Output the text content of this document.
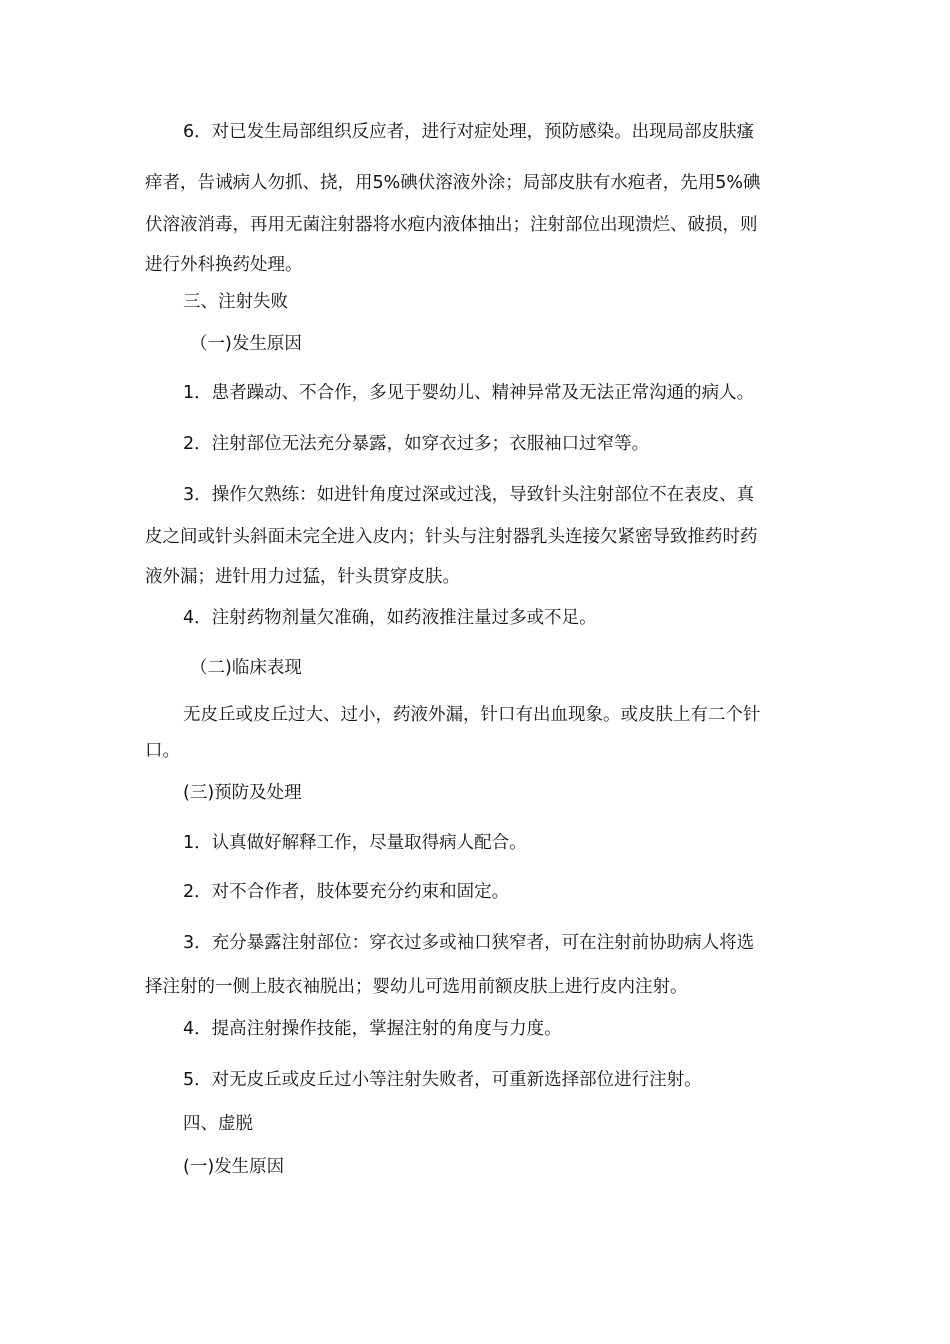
6．对已发生局部组织反应者，进行对症处理，预防感染。出现局部皮肤瘙

痒者，告诫病人勿抓、挠，用5%碘伏溶液外涂；局部皮肤有水疱者，先用5%碘

伏溶液消毒，再用无菌注射器将水疱内液体抽出；注射部位出现溃烂、破损，则

进行外科换药处理。

三、注射失败

（一)发生原因

1．患者躁动、不合作，多见于婴幼儿、精神异常及无法正常沟通的病人。

2．注射部位无法充分暴露，如穿衣过多；衣服袖口过窄等。

3．操作欠熟练：如进针角度过深或过浅，导致针头注射部位不在表皮、真

皮之间或针头斜面未完全进入皮内；针头与注射器乳头连接欠紧密导致推药时药

液外漏；进针用力过猛，针头贯穿皮肤。

4．注射药物剂量欠准确，如药液推注量过多或不足。

（二)临床表现

无皮丘或皮丘过大、过小，药液外漏，针口有出血现象。或皮肤上有二个针

口。

(三)预防及处理

1．认真做好解释工作，尽量取得病人配合。

2．对不合作者，肢体要充分约束和固定。

3．充分暴露注射部位：穿衣过多或袖口狭窄者，可在注射前协助病人将选

择注射的一侧上肢衣袖脱出；婴幼儿可选用前额皮肤上进行皮内注射。

4．提高注射操作技能，掌握注射的角度与力度。

5．对无皮丘或皮丘过小等注射失败者，可重新选择部位进行注射。

四、虚脱

(一)发生原因
